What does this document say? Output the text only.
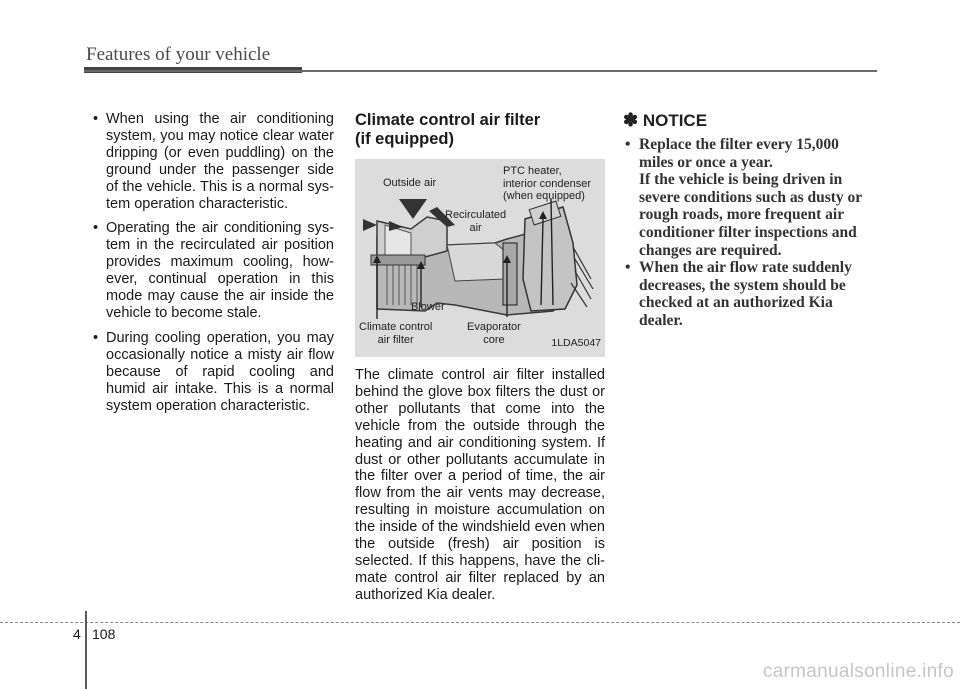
Features of your vehicle
• When using the air conditioning system, you may notice clear water dripping (or even puddling) on the ground under the passenger side of the vehicle. This is a normal sys-tem operation characteristic.
• Operating the air conditioning sys-tem in the recirculated air position provides maximum cooling, how-ever, continual operation in this mode may cause the air inside the vehicle to become stale.
• During cooling operation, you may occasionally notice a misty air flow because of rapid cooling and humid air intake. This is a normal system operation characteristic.
Climate control air filter
(if equipped)
Outside air
PTC heater,
interior condenser
(when equipped)
Recirculated
air
Blower
Climate control
air filter
Evaporator
core	1LDA5047

The climate control air filter installed behind the glove box filters the dust or other pollutants that come into the vehicle from the outside through the heating and air conditioning system. If dust or other pollutants accumulate in the filter over a period of time, the air flow from the air vents may decrease, resulting in moisture accumulation on the inside of the windshield even when the outside (fresh) air position is selected. If this happens, have the cli-mate control air filter replaced by an authorized Kia dealer.

✽ NOTICE
• Replace the filter every 15,000
miles or once a year.
If the vehicle is being driven in
severe conditions such as dusty or
rough roads, more frequent air
conditioner filter inspections and
changes are required.
• When the air flow rate suddenly
decreases, the system should be
checked at an authorized Kia
dealer.
4 108
carmanualsonline.info
